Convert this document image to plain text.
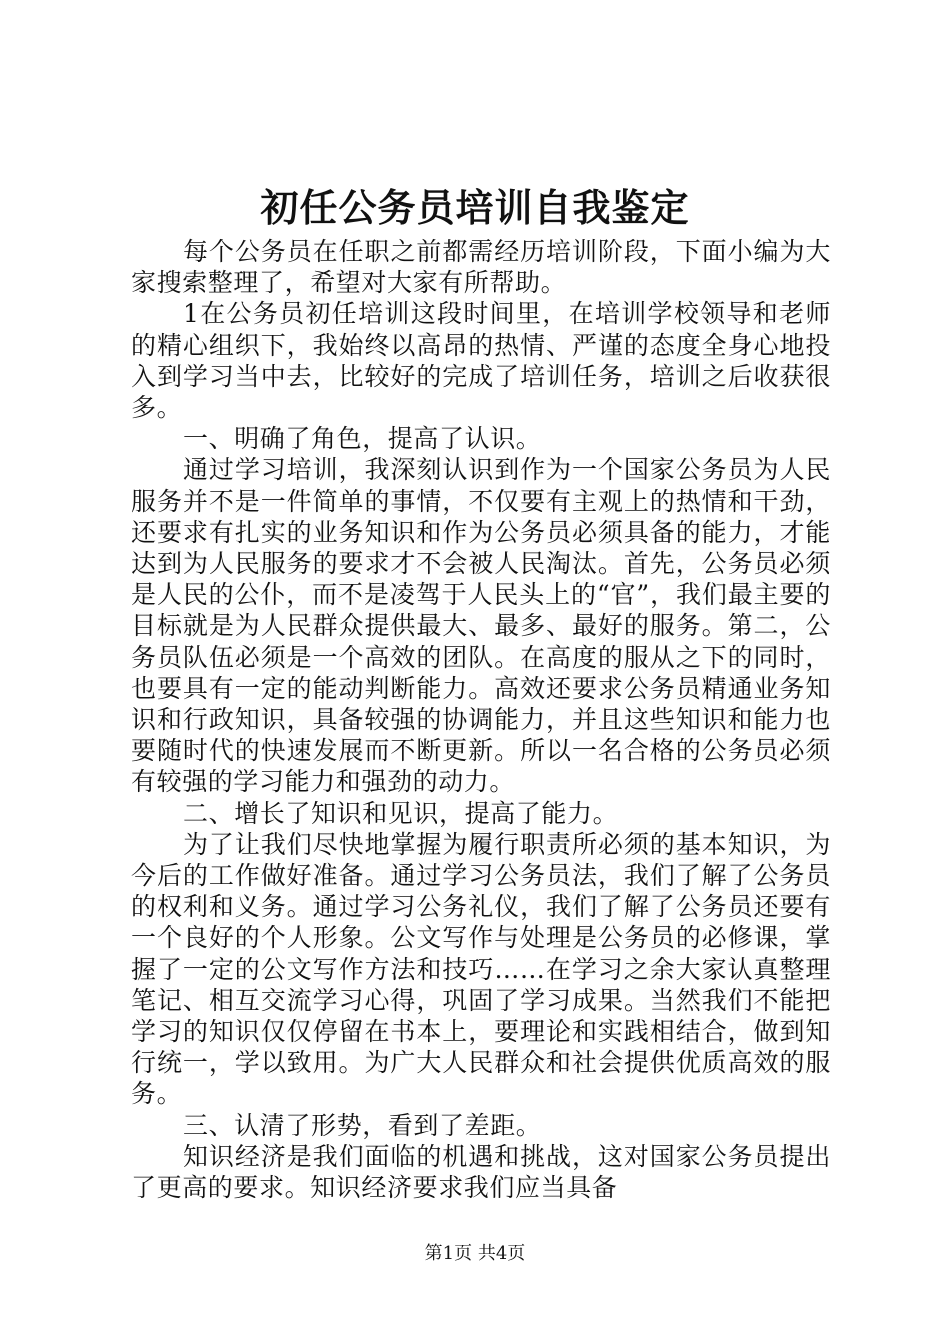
初任公务员培训自我鉴定

每个公务员在任职之前都需经历培训阶段，下面小编为大家搜索整理了，希望对大家有所帮助。

1在公务员初任培训这段时间里，在培训学校领导和老师的精心组织下，我始终以高昂的热情、严谨的态度全身心地投入到学习当中去，比较好的完成了培训任务，培训之后收获很多。

一、明确了角色，提高了认识。

通过学习培训，我深刻认识到作为一个国家公务员为人民服务并不是一件简单的事情，不仅要有主观上的热情和干劲，还要求有扎实的业务知识和作为公务员必须具备的能力，才能达到为人民服务的要求才不会被人民淘汰。首先，公务员必须是人民的公仆，而不是凌驾于人民头上的“官”，我们最主要的目标就是为人民群众提供最大、最多、最好的服务。第二，公务员队伍必须是一个高效的团队。在高度的服从之下的同时，也要具有一定的能动判断能力。高效还要求公务员精通业务知识和行政知识，具备较强的协调能力，并且这些知识和能力也要随时代的快速发展而不断更新。所以一名合格的公务员必须有较强的学习能力和强劲的动力。

二、增长了知识和见识，提高了能力。

为了让我们尽快地掌握为履行职责所必须的基本知识，为今后的工作做好准备。通过学习公务员法，我们了解了公务员的权利和义务。通过学习公务礼仪，我们了解了公务员还要有一个良好的个人形象。公文写作与处理是公务员的必修课，掌握了一定的公文写作方法和技巧……在学习之余大家认真整理笔记、相互交流学习心得，巩固了学习成果。当然我们不能把学习的知识仅仅停留在书本上，要理论和实践相结合，做到知行统一，学以致用。为广大人民群众和社会提供优质高效的服务。

三、认清了形势，看到了差距。

知识经济是我们面临的机遇和挑战，这对国家公务员提出了更高的要求。知识经济要求我们应当具备

第1页 共4页
